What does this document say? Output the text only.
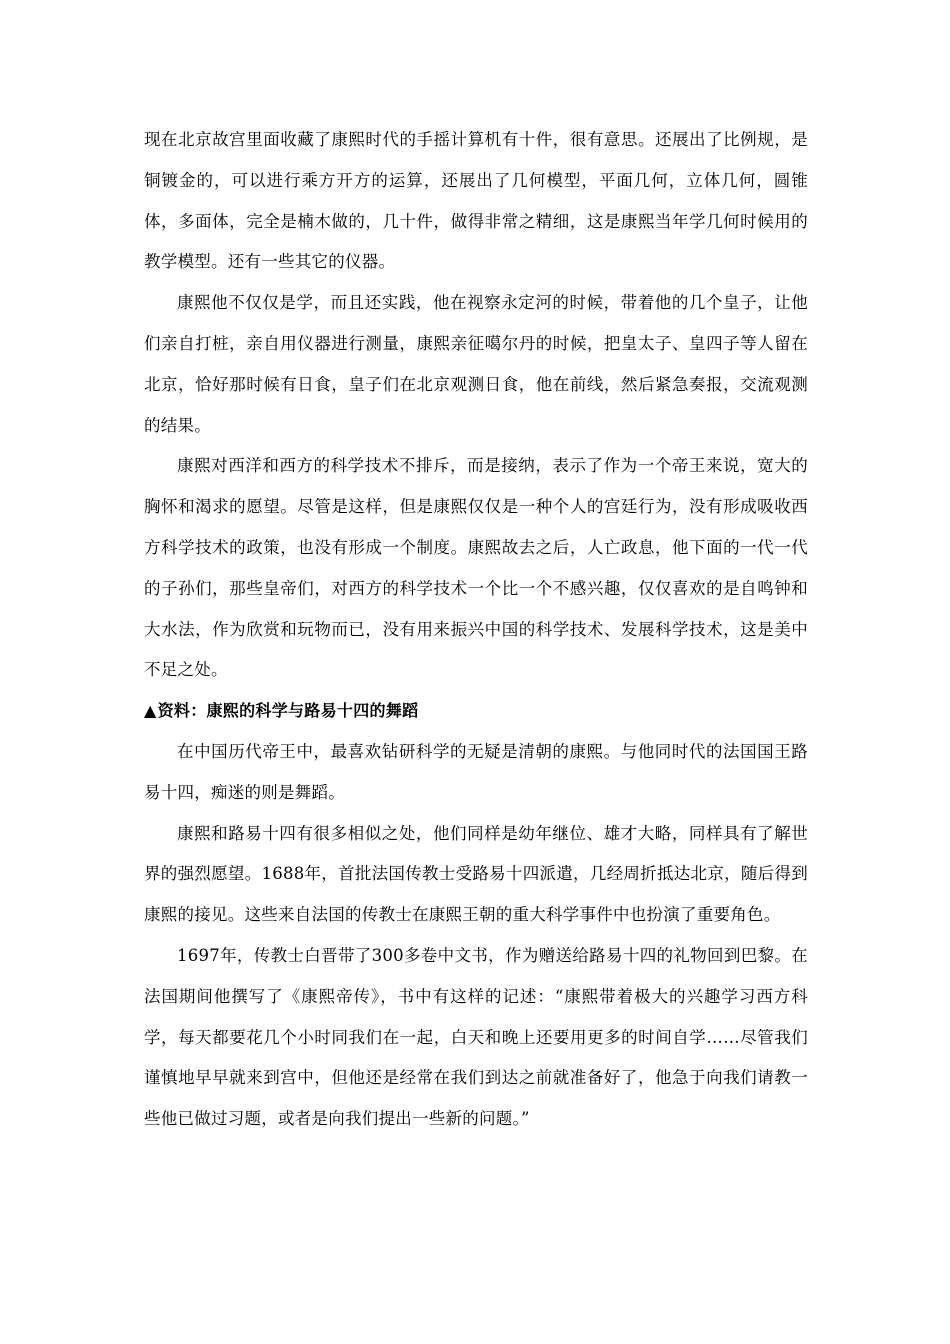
现在北京故宫里面收藏了康熙时代的手摇计算机有十件，很有意思。还展出了比例规，是铜镀金的，可以进行乘方开方的运算，还展出了几何模型，平面几何，立体几何，圆锥体，多面体，完全是楠木做的，几十件，做得非常之精细，这是康熙当年学几何时候用的教学模型。还有一些其它的仪器。

康熙他不仅仅是学，而且还实践，他在视察永定河的时候，带着他的几个皇子，让他们亲自打桩，亲自用仪器进行测量，康熙亲征噶尔丹的时候，把皇太子、皇四子等人留在北京，恰好那时候有日食，皇子们在北京观测日食，他在前线，然后紧急奏报，交流观测的结果。

康熙对西洋和西方的科学技术不排斥，而是接纳，表示了作为一个帝王来说，宽大的胸怀和渴求的愿望。尽管是这样，但是康熙仅仅是一种个人的宫廷行为，没有形成吸收西方科学技术的政策，也没有形成一个制度。康熙故去之后，人亡政息，他下面的一代一代的子孙们，那些皇帝们，对西方的科学技术一个比一个不感兴趣，仅仅喜欢的是自鸣钟和大水法，作为欣赏和玩物而已，没有用来振兴中国的科学技术、发展科学技术，这是美中不足之处。

▲资料：康熙的科学与路易十四的舞蹈

在中国历代帝王中，最喜欢钻研科学的无疑是清朝的康熙。与他同时代的法国国王路易十四，痴迷的则是舞蹈。

康熙和路易十四有很多相似之处，他们同样是幼年继位、雄才大略，同样具有了解世界的强烈愿望。1688年，首批法国传教士受路易十四派遣，几经周折抵达北京，随后得到康熙的接见。这些来自法国的传教士在康熙王朝的重大科学事件中也扮演了重要角色。

1697年，传教士白晋带了300多卷中文书，作为赠送给路易十四的礼物回到巴黎。在法国期间他撰写了《康熙帝传》，书中有这样的记述：“康熙带着极大的兴趣学习西方科学，每天都要花几个小时同我们在一起，白天和晚上还要用更多的时间自学……尽管我们谨慎地早早就来到宫中，但他还是经常在我们到达之前就准备好了，他急于向我们请教一些他已做过习题，或者是向我们提出一些新的问题。”
